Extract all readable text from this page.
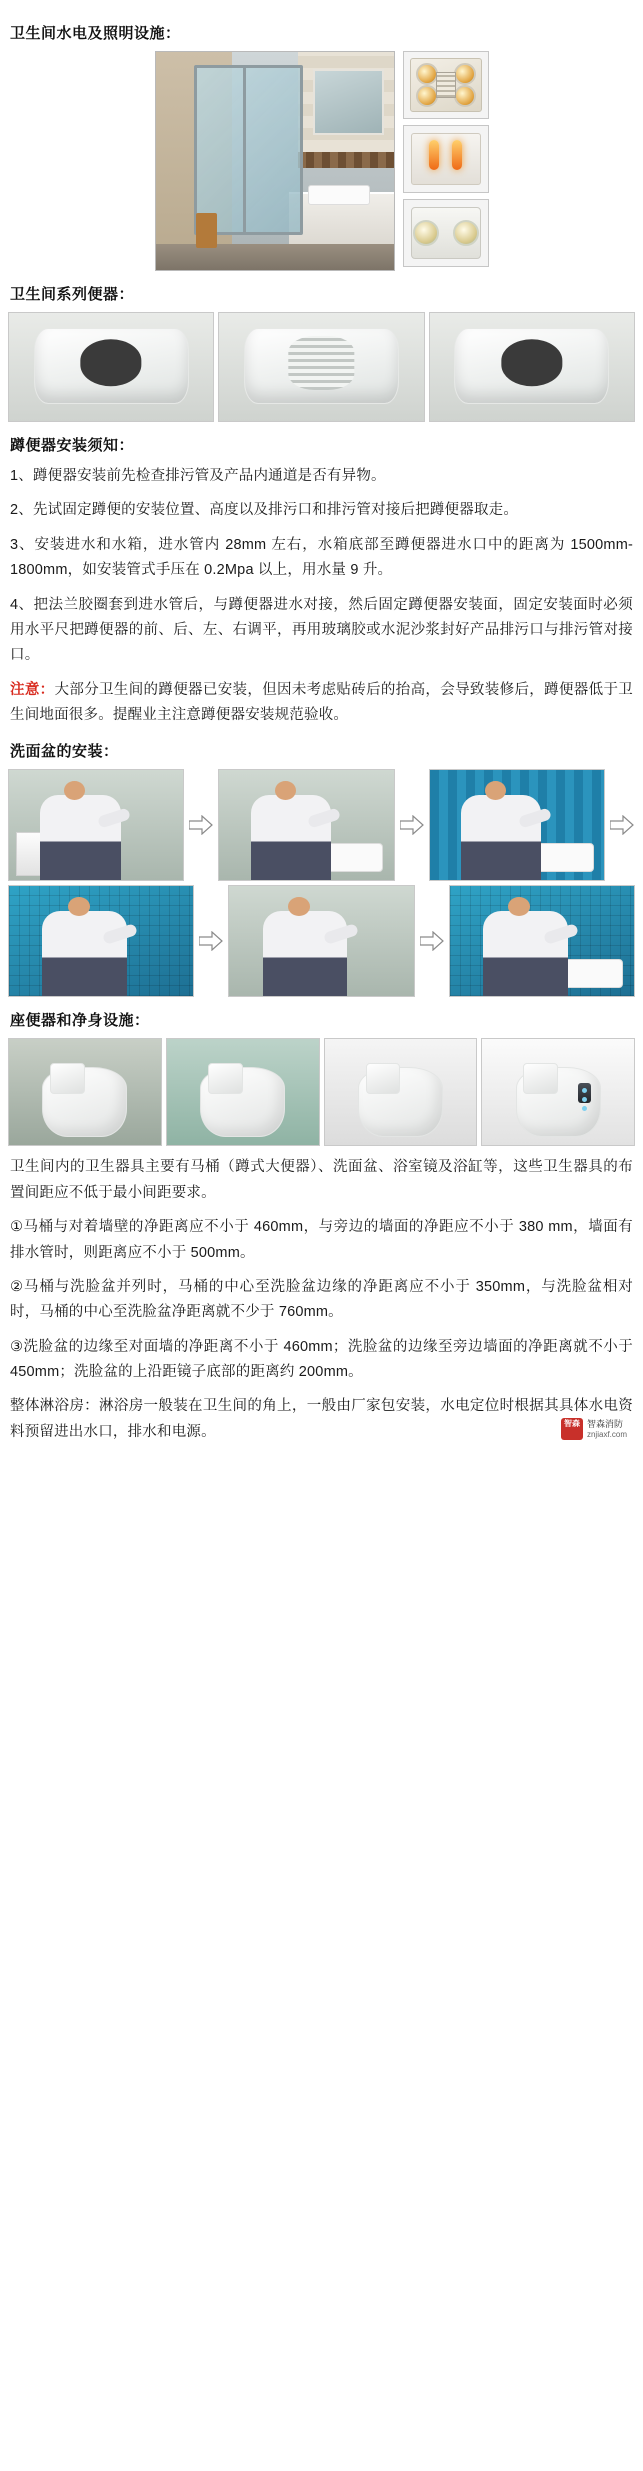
卫生间水电及照明设施：
卫生间系列便器：
蹲便器安装须知：

1、蹲便器安装前先检查排污管及产品内通道是否有异物。

2、先试固定蹲便的安装位置、高度以及排污口和排污管对接后把蹲便器取走。

3、安装进水和水箱，进水管内 28mm 左右，水箱底部至蹲便器进水口中的距离为 1500mm-1800mm，如安装管式手压在 0.2Mpa 以上，用水量 9 升。

4、把法兰胶圈套到进水管后，与蹲便器进水对接，然后固定蹲便器安装面，固定安装面时必须用水平尺把蹲便器的前、后、左、右调平，再用玻璃胶或水泥沙浆封好产品排污口与排污管对接口。

注意：大部分卫生间的蹲便器已安装，但因未考虑贴砖后的抬高，会导致装修后，蹲便器低于卫生间地面很多。提醒业主注意蹲便器安装规范验收。

洗面盆的安装：
座便器和净身设施：

卫生间内的卫生器具主要有马桶（蹲式大便器）、洗面盆、浴室镜及浴缸等，这些卫生器具的布置间距应不低于最小间距要求。

①马桶与对着墙壁的净距离应不小于 460mm，与旁边的墙面的净距应不小于 380 mm，墙面有排水管时，则距离应不小于 500mm。

②马桶与洗脸盆并列时，马桶的中心至洗脸盆边缘的净距离应不小于 350mm，与洗脸盆相对时，马桶的中心至洗脸盆净距离就不少于 760mm。

③洗脸盆的边缘至对面墙的净距离不小于 460mm；洗脸盆的边缘至旁边墙面的净距离就不小于 450mm；洗脸盆的上沿距镜子底部的距离约 200mm。

整体淋浴房：淋浴房一般装在卫生间的角上，一般由厂家包安装，水电定位时根据其具体水电资料预留进出水口，排水和电源。

智森 智森消防
znjiaxf.com
